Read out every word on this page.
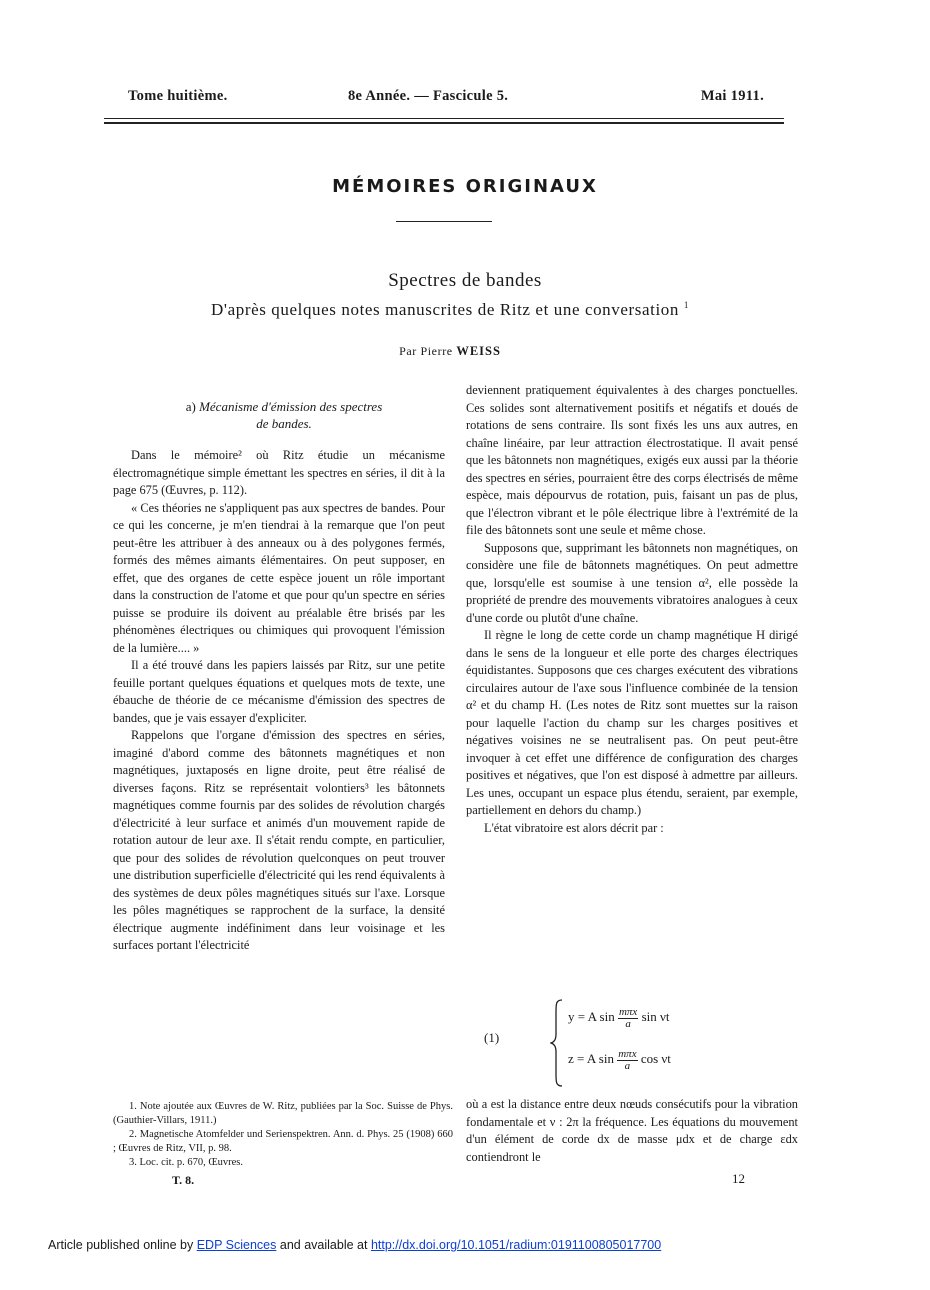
Tome huitième.	8e Année. — Fascicule 5.	Mai 1911.
MÉMOIRES ORIGINAUX
Spectres de bandes
D'après quelques notes manuscrites de Ritz et une conversation $^1$
Par Pierre WEISS
a) Mécanisme d'émission des spectres
de bandes.

Dans le mémoire² où Ritz étudie un mécanisme électromagnétique simple émettant les spectres en séries, il dit à la page 675 (Œuvres, p. 112).

« Ces théories ne s'appliquent pas aux spectres de bandes. Pour ce qui les concerne, je m'en tiendrai à la remarque que l'on peut peut-être les attribuer à des anneaux ou à des polygones fermés, formés des mêmes aimants élémentaires. On peut supposer, en effet, que des organes de cette espèce jouent un rôle important dans la construction de l'atome et que pour qu'un spectre en séries puisse se produire ils doivent au préalable être brisés par les phénomènes électriques ou chimiques qui provoquent l'émission de la lumière.... »

Il a été trouvé dans les papiers laissés par Ritz, sur une petite feuille portant quelques équations et quelques mots de texte, une ébauche de théorie de ce mécanisme d'émission des spectres de bandes, que je vais essayer d'expliciter.

Rappelons que l'organe d'émission des spectres en séries, imaginé d'abord comme des bâtonnets magnétiques et non magnétiques, juxtaposés en ligne droite, peut être réalisé de diverses façons. Ritz se représentait volontiers³ les bâtonnets magnétiques comme fournis par des solides de révolution chargés d'électricité à leur surface et animés d'un mouvement rapide de rotation autour de leur axe. Il s'était rendu compte, en particulier, que pour des solides de révolution quelconques on peut trouver une distribution superficielle d'électricité qui les rend équivalents à des systèmes de deux pôles magnétiques situés sur l'axe. Lorsque les pôles magnétiques se rapprochent de la surface, la densité électrique augmente indéfiniment dans leur voisinage et les surfaces portant l'électricité

deviennent pratiquement équivalentes à des charges ponctuelles. Ces solides sont alternativement positifs et négatifs et doués de rotations de sens contraire. Ils sont fixés les uns aux autres, en chaîne linéaire, par leur attraction électrostatique. Il avait pensé que les bâtonnets non magnétiques, exigés eux aussi par la théorie des spectres en séries, pourraient être des corps électrisés de même espèce, mais dépourvus de rotation, puis, faisant un pas de plus, que l'électron vibrant et le pôle électrique libre à l'extrémité de la file des bâtonnets sont une seule et même chose.

Supposons que, supprimant les bâtonnets non magnétiques, on considère une file de bâtonnets magnétiques. On peut admettre que, lorsqu'elle est soumise à une tension α², elle possède la propriété de prendre des mouvements vibratoires analogues à ceux d'une corde ou plutôt d'une chaîne.

Il règne le long de cette corde un champ magnétique H dirigé dans le sens de la longueur et elle porte des charges électriques équidistantes. Supposons que ces charges exécutent des vibrations circulaires autour de l'axe sous l'influence combinée de la tension α² et du champ H. (Les notes de Ritz sont muettes sur la raison pour laquelle l'action du champ sur les charges positives et négatives voisines ne se neutralisent pas. On peut peut-être invoquer à cet effet une différence de configuration des charges positives et négatives, que l'on est disposé à admettre par ailleurs. Les unes, occupant un espace plus étendu, seraient, par exemple, partiellement en dehors du champ.)

L'état vibratoire est alors décrit par :

(1)
y = A $\sin \frac{\text{mπx}}{a}$ sin νt
z = A $\sin \frac{\text{mπx}}{a}$ cos νt

où a est la distance entre deux nœuds consécutifs pour la vibration fondamentale et ν : 2π la fréquence. Les équations du mouvement d'un élément de corde dx de masse μdx et de charge εdx contiendront le

1. Note ajoutée aux Œuvres de W. Ritz, publiées par la Soc. Suisse de Phys. (Gauthier-Villars, 1911.)

2. Magnetische Atomfelder und Serienspektren. Ann. d. Phys. 25 (1908) 660 ; Œuvres de Ritz, VII, p. 98.

3. Loc. cit. p. 670, Œuvres.

T. 8.	12
Article published online by EDP Sciences and available at http://dx.doi.org/10.1051/radium:0191100805017700
